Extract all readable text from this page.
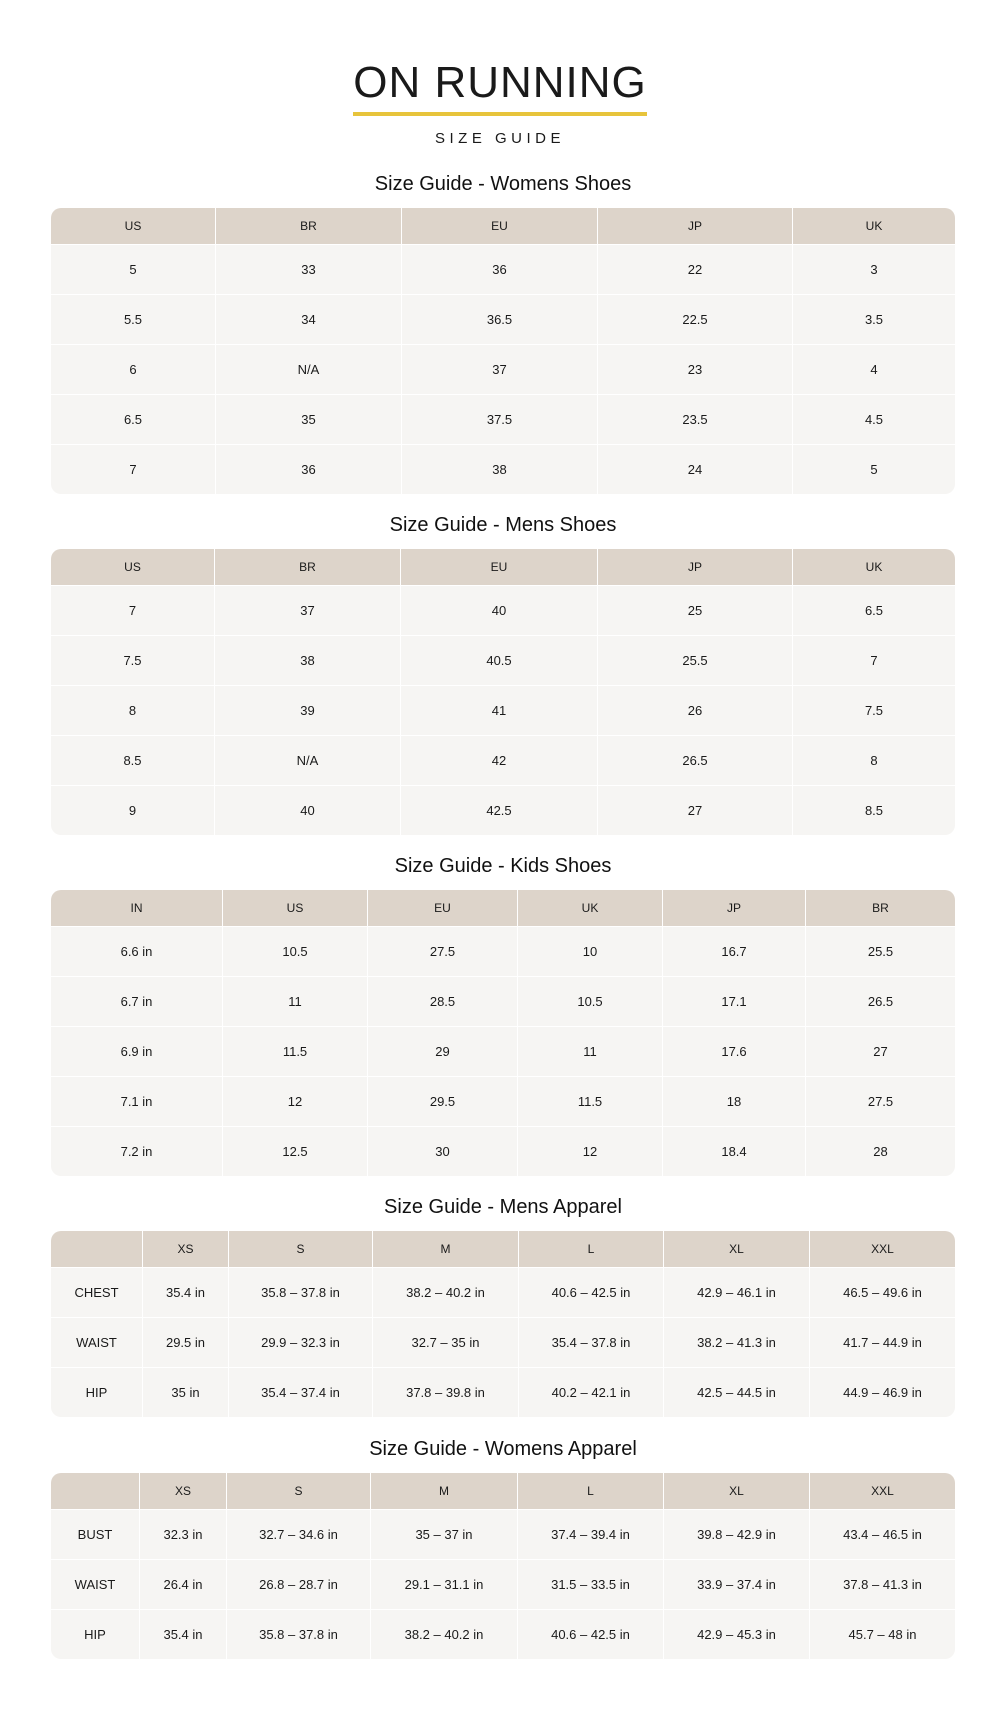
ON RUNNING
SIZE GUIDE
Size Guide - Womens Shoes
US	BR	EU	JP	UK
5	33	36	22	3
5.5	34	36.5	22.5	3.5
6	N/A	37	23	4
6.5	35	37.5	23.5	4.5
7	36	38	24	5
Size Guide - Mens Shoes
US	BR	EU	JP	UK
7	37	40	25	6.5
7.5	38	40.5	25.5	7
8	39	41	26	7.5
8.5	N/A	42	26.5	8
9	40	42.5	27	8.5
Size Guide - Kids Shoes
IN	US	EU	UK	JP	BR
6.6 in	10.5	27.5	10	16.7	25.5
6.7 in	11	28.5	10.5	17.1	26.5
6.9 in	11.5	29	11	17.6	27
7.1 in	12	29.5	11.5	18	27.5
7.2 in	12.5	30	12	18.4	28
Size Guide - Mens Apparel
	XS	S	M	L	XL	XXL
CHEST	35.4 in	35.8 – 37.8 in	38.2 – 40.2 in	40.6 – 42.5 in	42.9 – 46.1 in	46.5 – 49.6 in
WAIST	29.5 in	29.9 – 32.3 in	32.7 – 35 in	35.4 – 37.8 in	38.2 – 41.3 in	41.7 – 44.9 in
HIP	35 in	35.4 – 37.4 in	37.8 – 39.8 in	40.2 – 42.1 in	42.5 – 44.5 in	44.9 – 46.9 in
Size Guide - Womens Apparel
	XS	S	M	L	XL	XXL
BUST	32.3 in	32.7 – 34.6 in	35 – 37 in	37.4 – 39.4 in	39.8 – 42.9 in	43.4 – 46.5 in
WAIST	26.4 in	26.8 – 28.7 in	29.1 – 31.1 in	31.5 – 33.5 in	33.9 – 37.4 in	37.8 – 41.3 in
HIP	35.4 in	35.8 – 37.8 in	38.2 – 40.2 in	40.6 – 42.5 in	42.9 – 45.3 in	45.7 – 48 in
